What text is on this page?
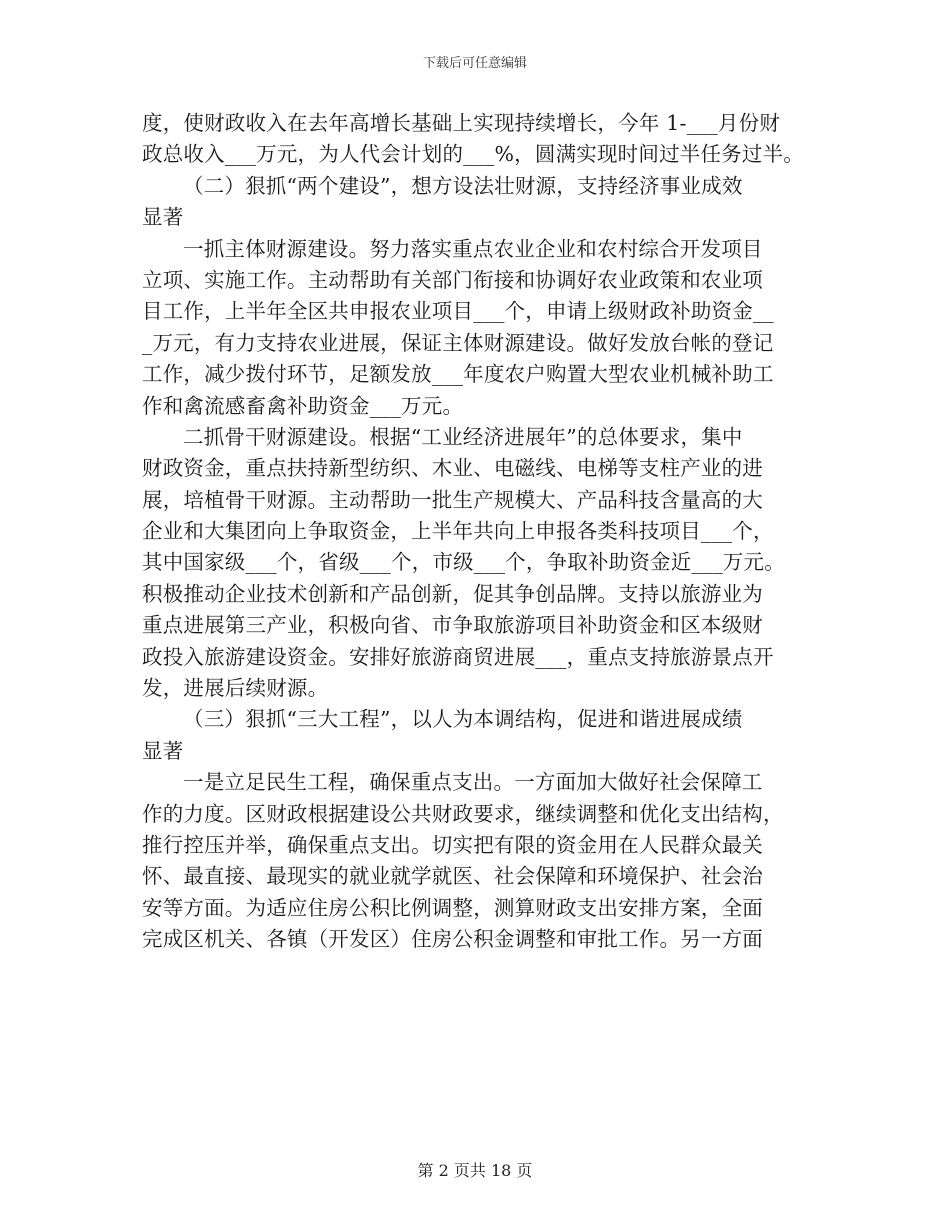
下载后可任意编辑
度，使财政收入在去年高增长基础上实现持续增长，今年 1-___月份财
政总收入___万元，为人代会计划的___%，圆满实现时间过半任务过半。
（二）狠抓“两个建设”，想方设法壮财源，支持经济事业成效
显著
一抓主体财源建设。努力落实重点农业企业和农村综合开发项目
立项、实施工作。主动帮助有关部门衔接和协调好农业政策和农业项
目工作，上半年全区共申报农业项目___个，申请上级财政补助资金__
_万元，有力支持农业进展，保证主体财源建设。做好发放台帐的登记
工作，减少拨付环节，足额发放___年度农户购置大型农业机械补助工
作和禽流感畜禽补助资金___万元。
二抓骨干财源建设。根据“工业经济进展年”的总体要求，集中
财政资金，重点扶持新型纺织、木业、电磁线、电梯等支柱产业的进
展，培植骨干财源。主动帮助一批生产规模大、产品科技含量高的大
企业和大集团向上争取资金，上半年共向上申报各类科技项目___个，
其中国家级___个，省级___个，市级___个，争取补助资金近___万元。
积极推动企业技术创新和产品创新，促其争创品牌。支持以旅游业为
重点进展第三产业，积极向省、市争取旅游项目补助资金和区本级财
政投入旅游建设资金。安排好旅游商贸进展___，重点支持旅游景点开
发，进展后续财源。
（三）狠抓“三大工程”，以人为本调结构，促进和谐进展成绩
显著
一是立足民生工程，确保重点支出。一方面加大做好社会保障工
作的力度。区财政根据建设公共财政要求，继续调整和优化支出结构，
推行控压并举，确保重点支出。切实把有限的资金用在人民群众最关
怀、最直接、最现实的就业就学就医、社会保障和环境保护、社会治
安等方面。为适应住房公积比例调整，测算财政支出安排方案，全面
完成区机关、各镇（开发区）住房公积金调整和审批工作。另一方面
第 2 页共 18 页
